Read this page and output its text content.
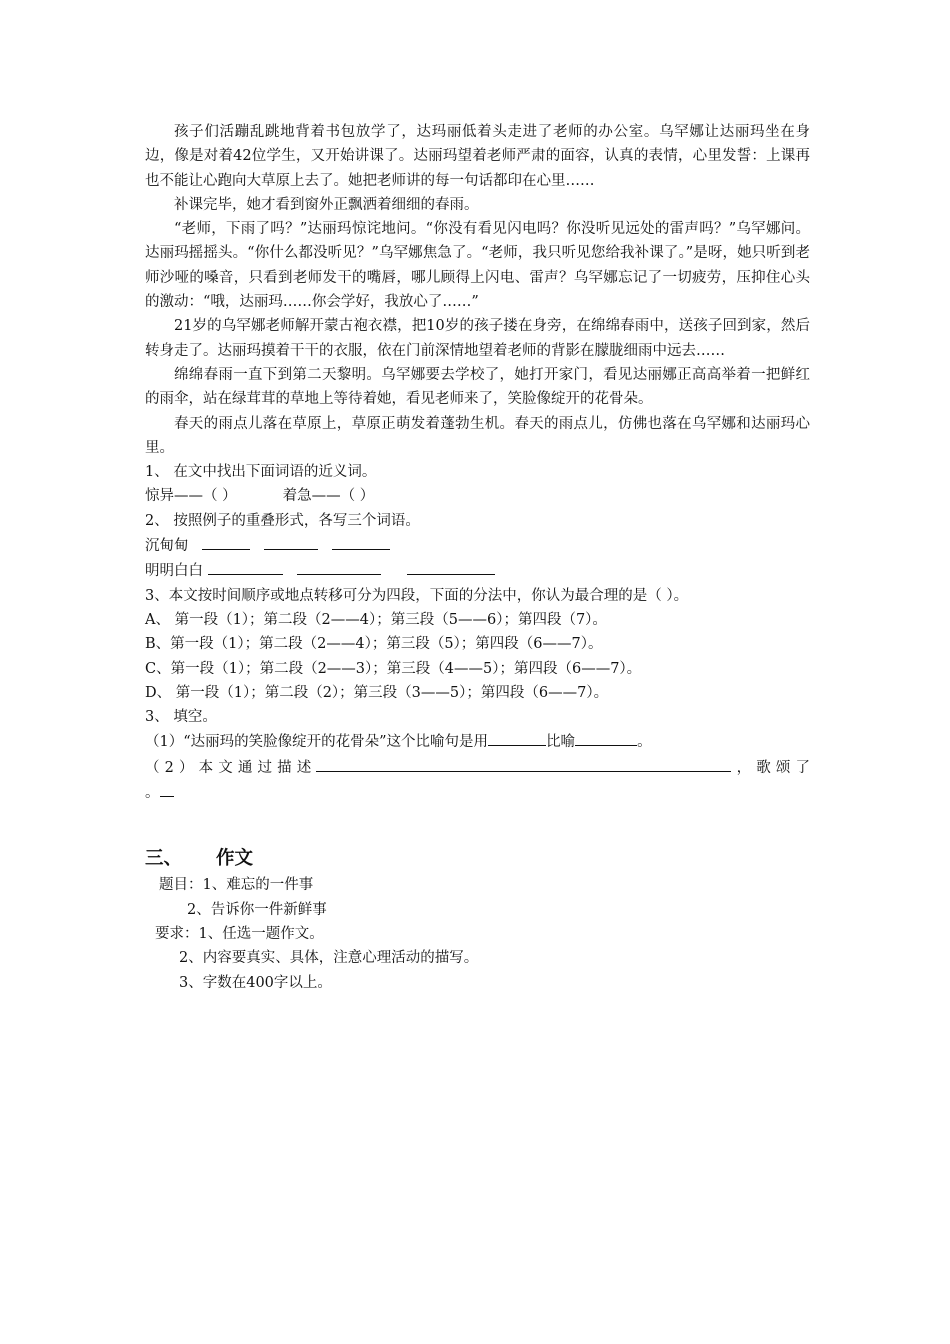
孩子们活蹦乱跳地背着书包放学了，达玛丽低着头走进了老师的办公室。乌罕娜让达丽玛坐在身边，像是对着42位学生，又开始讲课了。达丽玛望着老师严肃的面容，认真的表情，心里发誓：上课再也不能让心跑向大草原上去了。她把老师讲的每一句话都印在心里……

补课完毕，她才看到窗外正飘洒着细细的春雨。

“老师，下雨了吗？”达丽玛惊诧地问。“你没有看见闪电吗？你没听见远处的雷声吗？”乌罕娜问。达丽玛摇摇头。“你什么都没听见？”乌罕娜焦急了。“老师，我只听见您给我补课了。”是呀，她只听到老师沙哑的嗓音，只看到老师发干的嘴唇，哪儿顾得上闪电、雷声？乌罕娜忘记了一切疲劳，压抑住心头的激动：“哦，达丽玛……你会学好，我放心了……”

21岁的乌罕娜老师解开蒙古袍衣襟，把10岁的孩子搂在身旁，在绵绵春雨中，送孩子回到家，然后转身走了。达丽玛摸着干干的衣服，依在门前深情地望着老师的背影在朦胧细雨中远去……

绵绵春雨一直下到第二天黎明。乌罕娜要去学校了，她打开家门，看见达丽娜正高高举着一把鲜红的雨伞，站在绿茸茸的草地上等待着她，看见老师来了，笑脸像绽开的花骨朵。

春天的雨点儿落在草原上，草原正萌发着蓬勃生机。春天的雨点儿，仿佛也落在乌罕娜和达丽玛心里。

1、 在文中找出下面词语的近义词。

惊异——（ ）	着急——（ ）

2、 按照例子的重叠形式，各写三个词语。

沉甸甸

明明白白

3、本文按时间顺序或地点转移可分为四段，下面的分法中，你认为最合理的是（ ）。

A、 第一段（1）；第二段（2——4）；第三段（5——6）；第四段（7）。

B、第一段（1）；第二段（2——4）；第三段（5）；第四段（6——7）。

C、第一段（1）；第二段（2——3）；第三段（4——5）；第四段（6——7）。

D、 第一段（1）；第二段（2）；第三段（3——5）；第四段（6——7）。

3、 填空。

（1）“达丽玛的笑脸像绽开的花骨朵”这个比喻句是用	比喻	。

（2）本文通过描述	，歌颂了

。

三、 作文

题目：1、难忘的一件事

2、告诉你一件新鲜事

要求：1、任选一题作文。

2、内容要真实、具体，注意心理活动的描写。

3、字数在400字以上。
